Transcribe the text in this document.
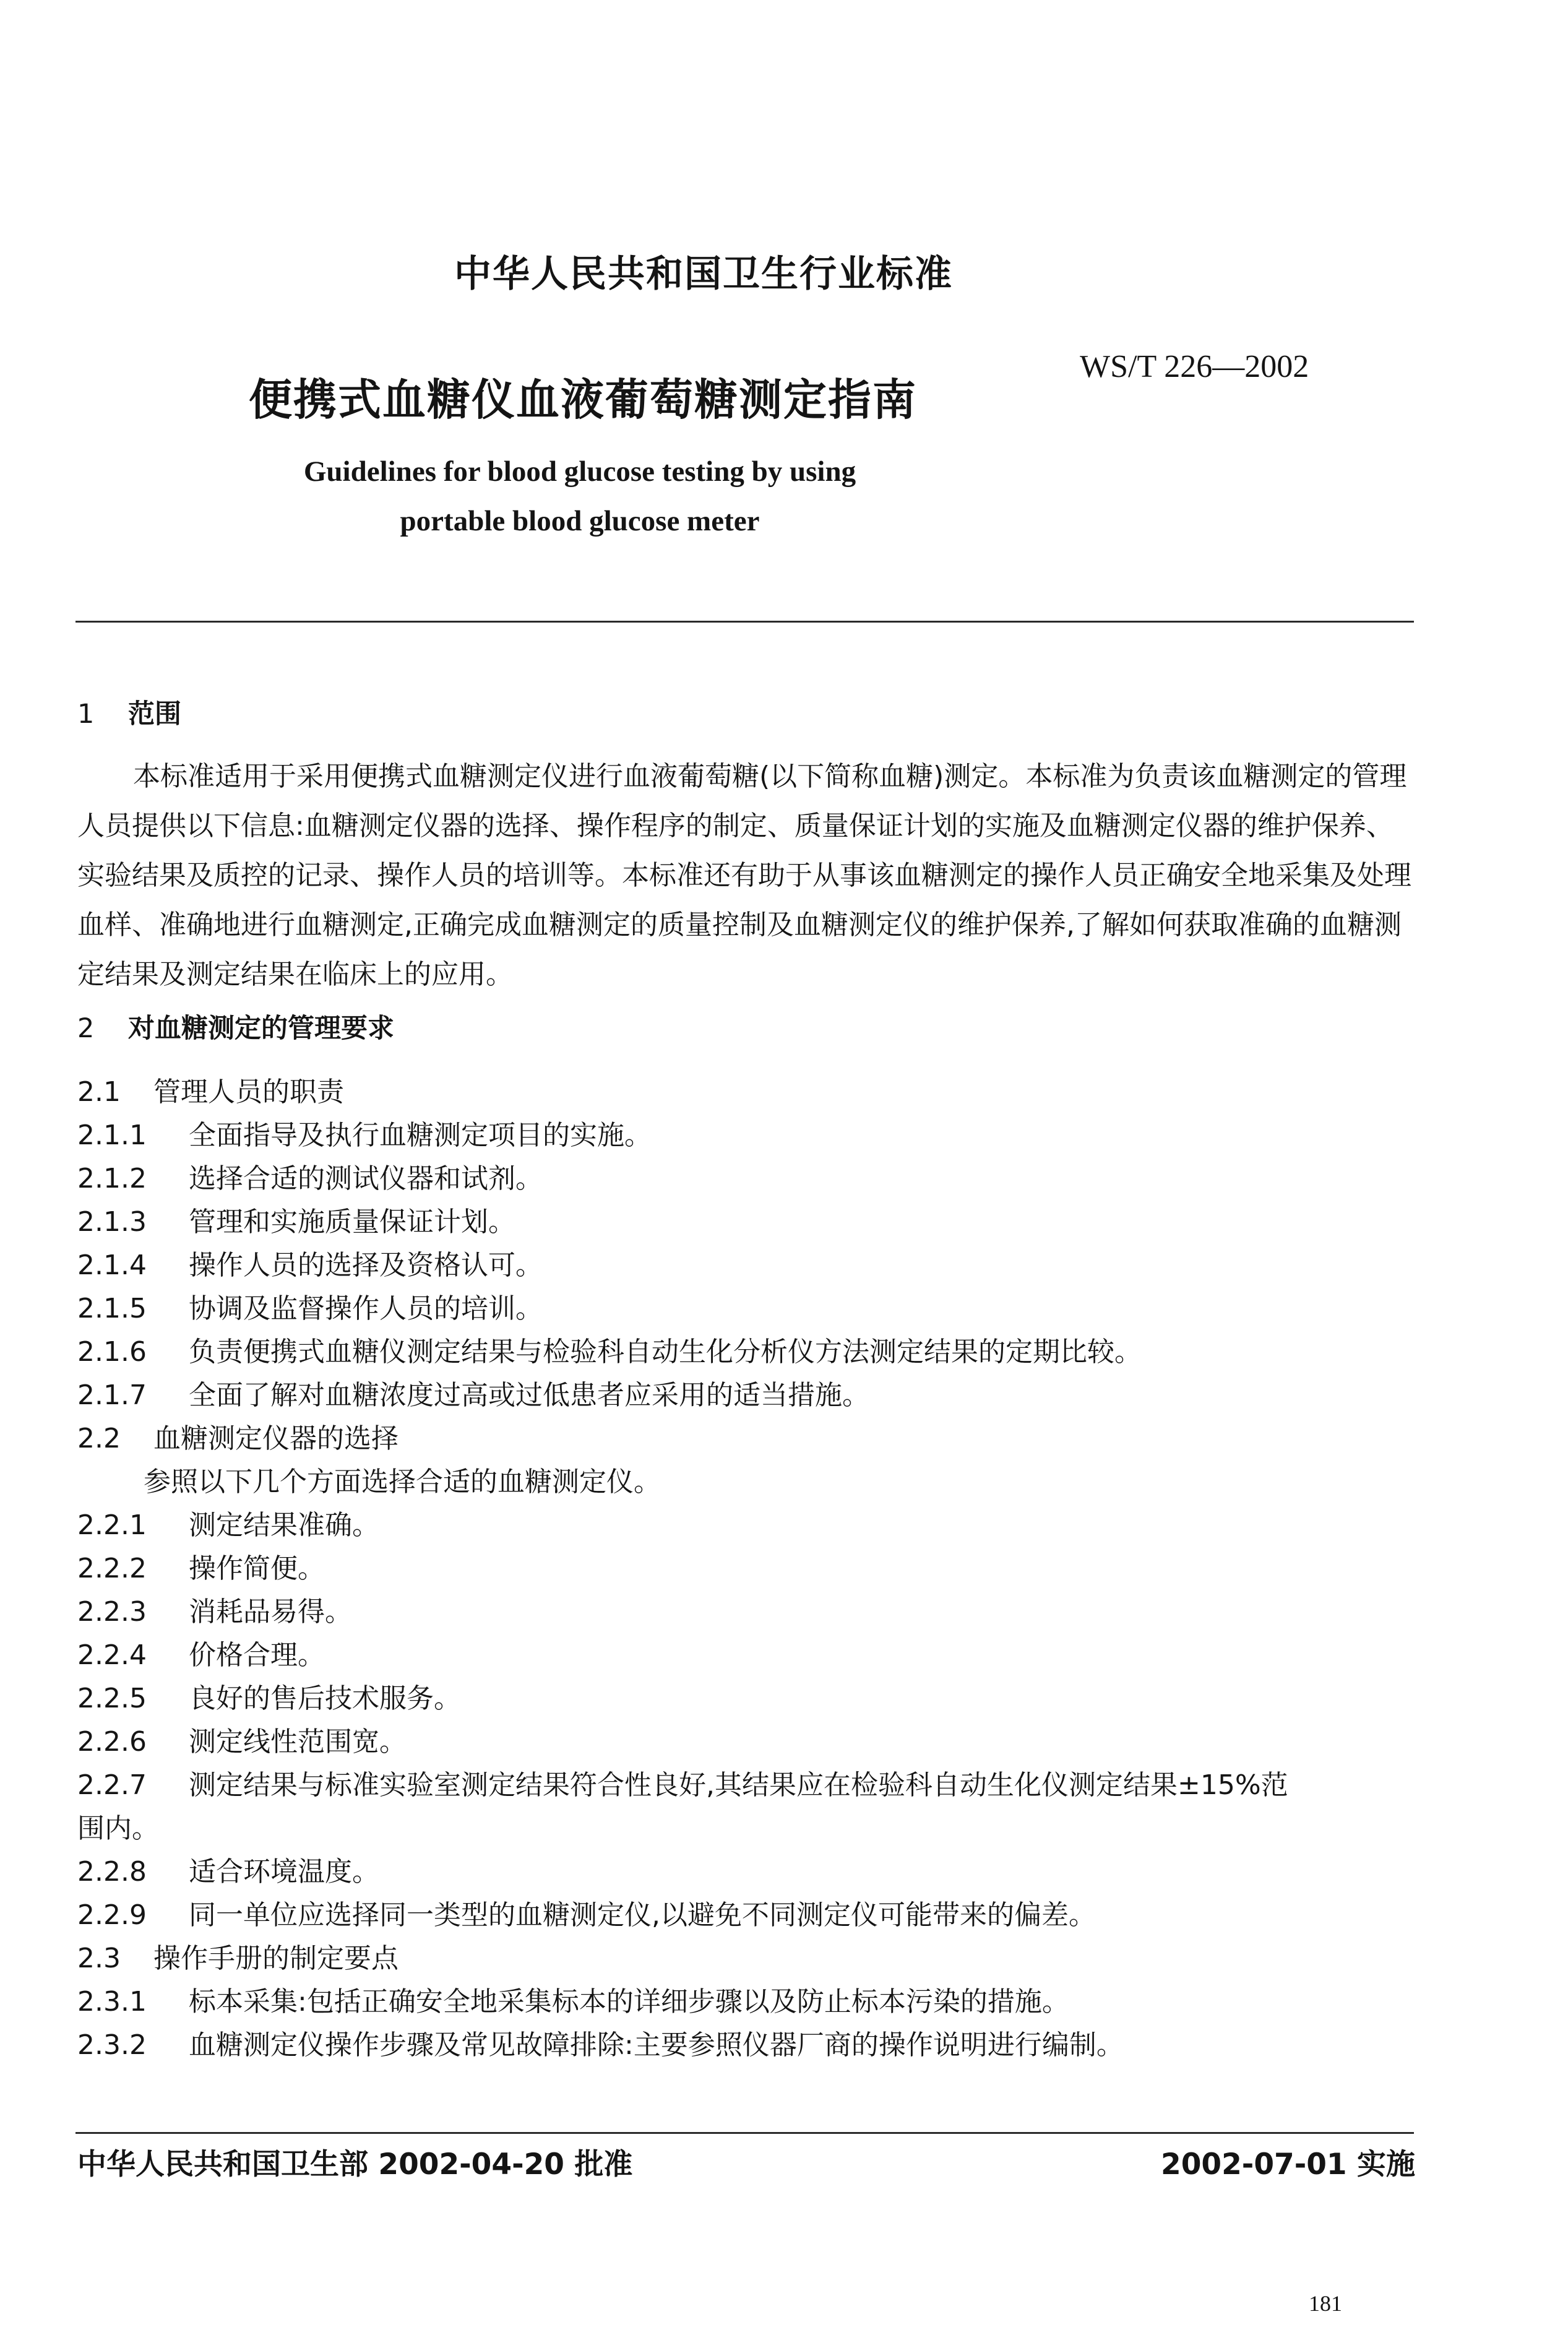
中华人民共和国卫生行业标准
便携式血糖仪血液葡萄糖测定指南
WS/T 226—2002
Guidelines for blood glucose testing by using
portable blood glucose meter
1 范围
本标准适用于采用便携式血糖测定仪进行血液葡萄糖(以下简称血糖)测定。本标准为负责该血糖测定的管理人员提供以下信息:血糖测定仪器的选择、操作程序的制定、质量保证计划的实施及血糖测定仪器的维护保养、实验结果及质控的记录、操作人员的培训等。本标准还有助于从事该血糖测定的操作人员正确安全地采集及处理血样、准确地进行血糖测定,正确完成血糖测定的质量控制及血糖测定仪的维护保养,了解如何获取准确的血糖测定结果及测定结果在临床上的应用。
2 对血糖测定的管理要求
2.1 管理人员的职责
2.1.1 全面指导及执行血糖测定项目的实施。
2.1.2 选择合适的测试仪器和试剂。
2.1.3 管理和实施质量保证计划。
2.1.4 操作人员的选择及资格认可。
2.1.5 协调及监督操作人员的培训。
2.1.6 负责便携式血糖仪测定结果与检验科自动生化分析仪方法测定结果的定期比较。
2.1.7 全面了解对血糖浓度过高或过低患者应采用的适当措施。
2.2 血糖测定仪器的选择
参照以下几个方面选择合适的血糖测定仪。
2.2.1 测定结果准确。
2.2.2 操作简便。
2.2.3 消耗品易得。
2.2.4 价格合理。
2.2.5 良好的售后技术服务。
2.2.6 测定线性范围宽。
2.2.7 测定结果与标准实验室测定结果符合性良好,其结果应在检验科自动生化仪测定结果±15%范
围内。
2.2.8 适合环境温度。
2.2.9 同一单位应选择同一类型的血糖测定仪,以避免不同测定仪可能带来的偏差。
2.3 操作手册的制定要点
2.3.1 标本采集:包括正确安全地采集标本的详细步骤以及防止标本污染的措施。
2.3.2 血糖测定仪操作步骤及常见故障排除:主要参照仪器厂商的操作说明进行编制。
中华人民共和国卫生部 2002-04-20 批准	2002-07-01 实施
181
